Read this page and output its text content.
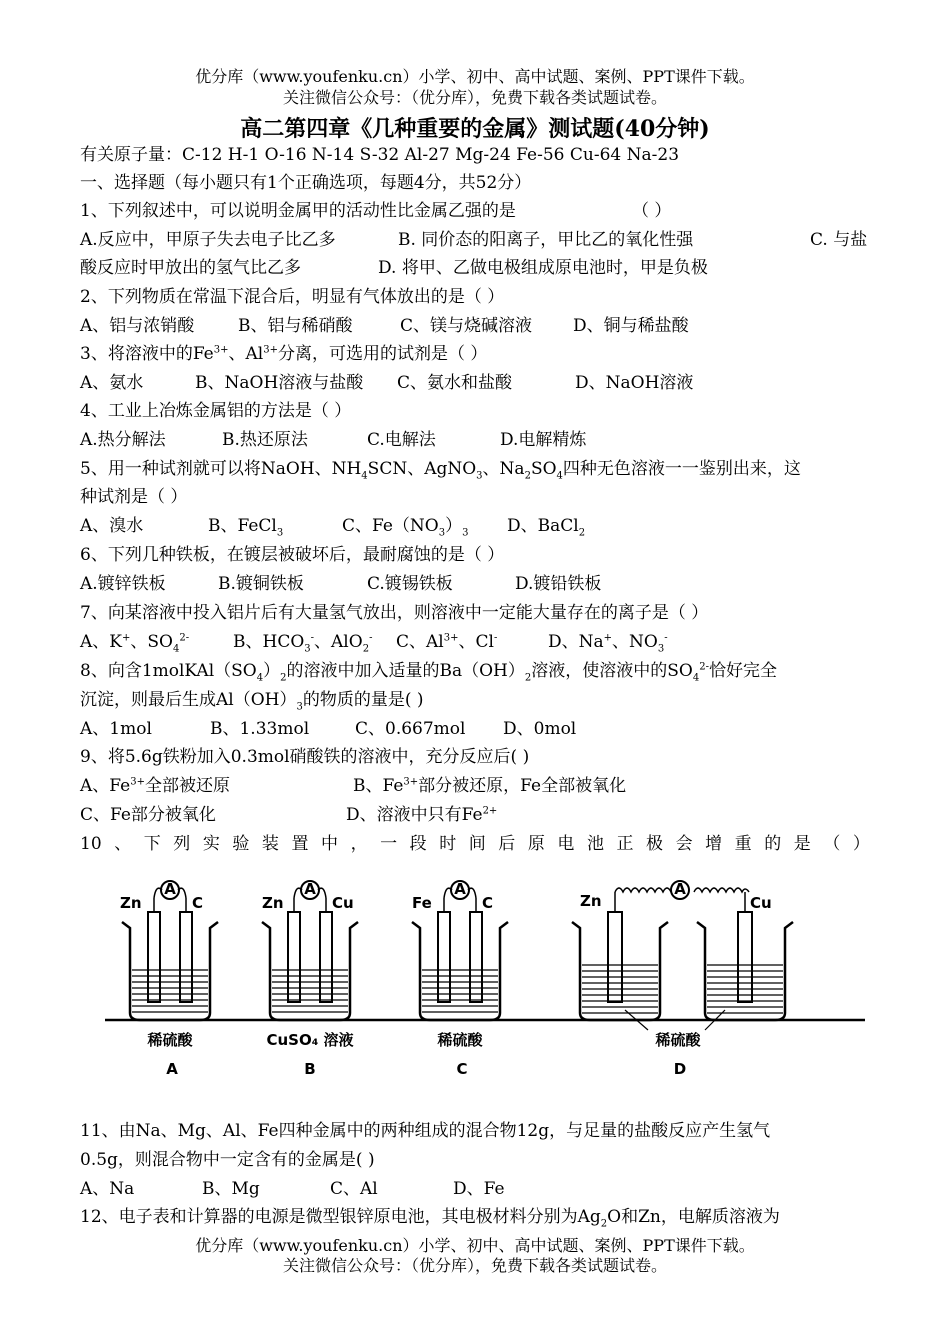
优分库（www.youfenku.cn）小学、初中、高中试题、案例、PPT课件下载。
关注微信公众号：（优分库），免费下载各类试题试卷。
高二第四章《几种重要的金属》测试题(40分钟)
有关原子量：C-12 H-1 O-16 N-14 S-32 Al-27 Mg-24 Fe-56 Cu-64 Na-23
一、选择题（每小题只有1个正确选项，每题4分，共52分）
1、下列叙述中，可以说明金属甲的活动性比金属乙强的是	（ ）
A.反应中，甲原子失去电子比乙多	B. 同价态的阳离子，甲比乙的氧化性强	C. 与盐
酸反应时甲放出的氢气比乙多	D. 将甲、乙做电极组成原电池时，甲是负极
2、下列物质在常温下混合后，明显有气体放出的是（ ）
A、铝与浓销酸	B、铝与稀硝酸	C、镁与烧碱溶液 D、铜与稀盐酸
3、将溶液中的$Fe^{3+}$、$Al^{3+}$分离，可选用的试剂是（ ）
A、氨水	B、NaOH溶液与盐酸 C、氨水和盐酸	D、NaOH溶液
4、工业上冶炼金属铝的方法是（ ）
A.热分解法	B.热还原法	C.电解法	D.电解精炼
5、用一种试剂就可以将NaOH、$NH_4SCN$、AgNO$_3$、$Na_2SO_4$四种无色溶液一一鉴别出来，这
种试剂是（ ）
A、溴水	B、FeCl$_3$	C、$Fe(NO_3)_3$ D、BaCl$_2$
6、下列几种铁板，在镀层被破坏后，最耐腐蚀的是（ ）
A.镀锌铁板	B.镀铜铁板	C.镀锡铁板	D.镀铅铁板
7、向某溶液中投入铝片后有大量氢气放出，则溶液中一定能大量存在的离子是（ ）
A、K+、$SO_4^{2-}$	B、$HCO_3^-$、AlO$_2$- C、$Al^{3+}$、Cl-	D、Na+、$NO_3^-$
8、向含$1molKAl(SO_4)_2$的溶液中加入适量的$Ba(OH)_2$溶液，使溶液中的$SO_4^{2-}$恰好完全
沉淀，则最后生成$Al(OH)_3$的物质的量是( )
A、1mol	B、1.33mol	C、0.667mol D、0mol
9、将5.6g铁粉加入0.3mol硝酸铁的溶液中，充分反应后( )
A、$Fe^{3+}$全部被还原	B、$Fe^{3+}$部分被还原，Fe全部被氧化
C、Fe部分被氧化	D、溶液中只有$Fe^{2+}$
10 、 下 列 实 验 装 置 中 ， 一 段 时 间 后 原 电 池 正 极 会 增 重 的 是 （ ）
A	A	A	A
Zn	C	Zn	Cu	Fe	C	Zn	Cu
稀硫酸	CuSO₄ 溶液	稀硫酸	稀硫酸
A	B	C	D
11、由Na、Mg、Al、Fe四种金属中的两种组成的混合物12g，与足量的盐酸反应产生氢气
0.5g，则混合物中一定含有的金属是( )
A、Na	B、Mg	C、Al	D、Fe
12、电子表和计算器的电源是微型银锌原电池，其电极材料分别为$Ag_2O$和Zn，电解质溶液为
优分库（www.youfenku.cn）小学、初中、高中试题、案例、PPT课件下载。
关注微信公众号：（优分库），免费下载各类试题试卷。
